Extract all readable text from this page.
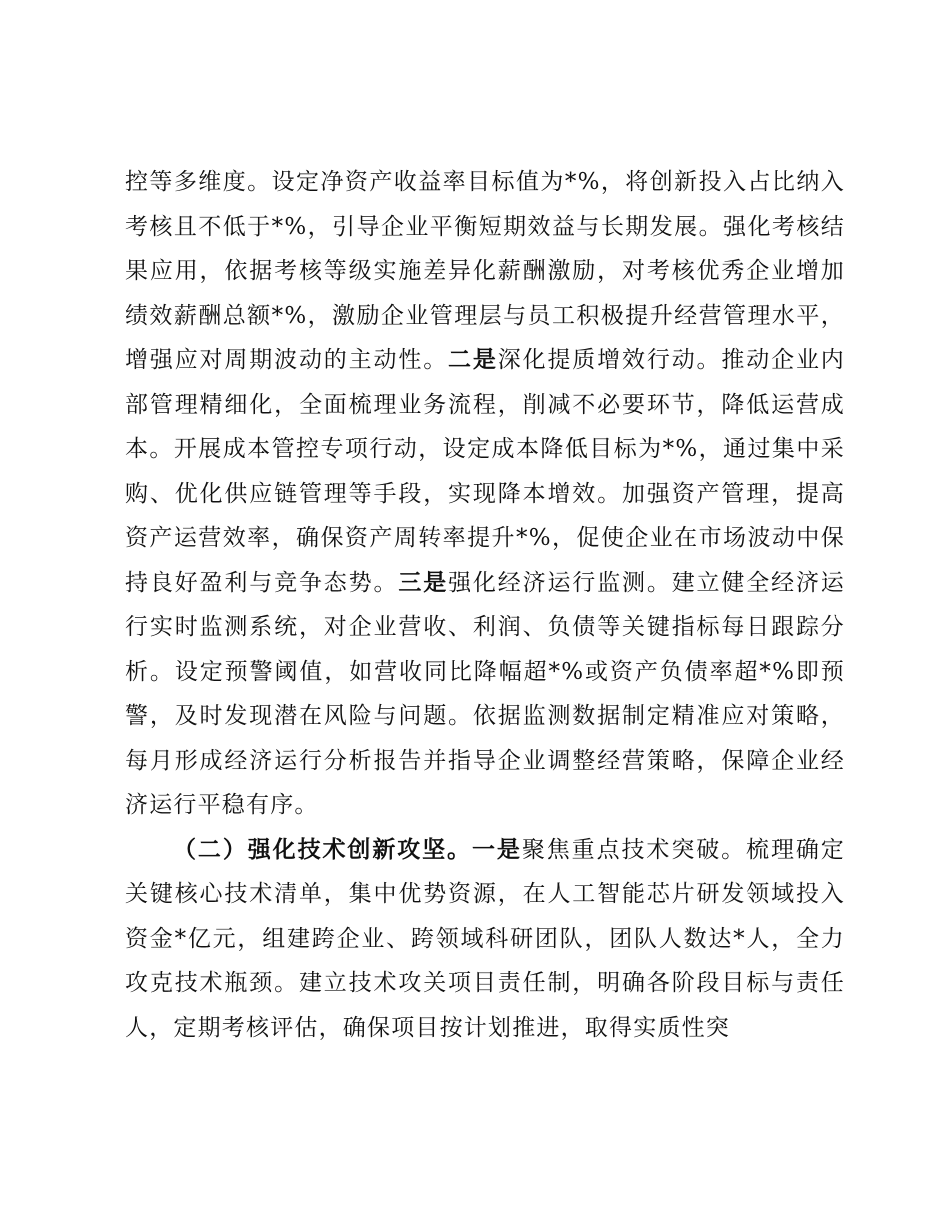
控等多维度。设定净资产收益率目标值为*%，将创新投入占比纳入考核且不低于*%，引导企业平衡短期效益与长期发展。强化考核结果应用，依据考核等级实施差异化薪酬激励，对考核优秀企业增加绩效薪酬总额*%，激励企业管理层与员工积极提升经营管理水平，增强应对周期波动的主动性。二是深化提质增效行动。推动企业内部管理精细化，全面梳理业务流程，削减不必要环节，降低运营成本。开展成本管控专项行动，设定成本降低目标为*%，通过集中采购、优化供应链管理等手段，实现降本增效。加强资产管理，提高资产运营效率，确保资产周转率提升*%，促使企业在市场波动中保持良好盈利与竞争态势。三是强化经济运行监测。建立健全经济运行实时监测系统，对企业营收、利润、负债等关键指标每日跟踪分析。设定预警阈值，如营收同比降幅超*%或资产负债率超*%即预警，及时发现潜在风险与问题。依据监测数据制定精准应对策略，每月形成经济运行分析报告并指导企业调整经营策略，保障企业经济运行平稳有序。

（二）强化技术创新攻坚。一是聚焦重点技术突破。梳理确定关键核心技术清单，集中优势资源，在人工智能芯片研发领域投入资金*亿元，组建跨企业、跨领域科研团队，团队人数达*人，全力攻克技术瓶颈。建立技术攻关项目责任制，明确各阶段目标与责任人，定期考核评估，确保项目按计划推进，取得实质性突
